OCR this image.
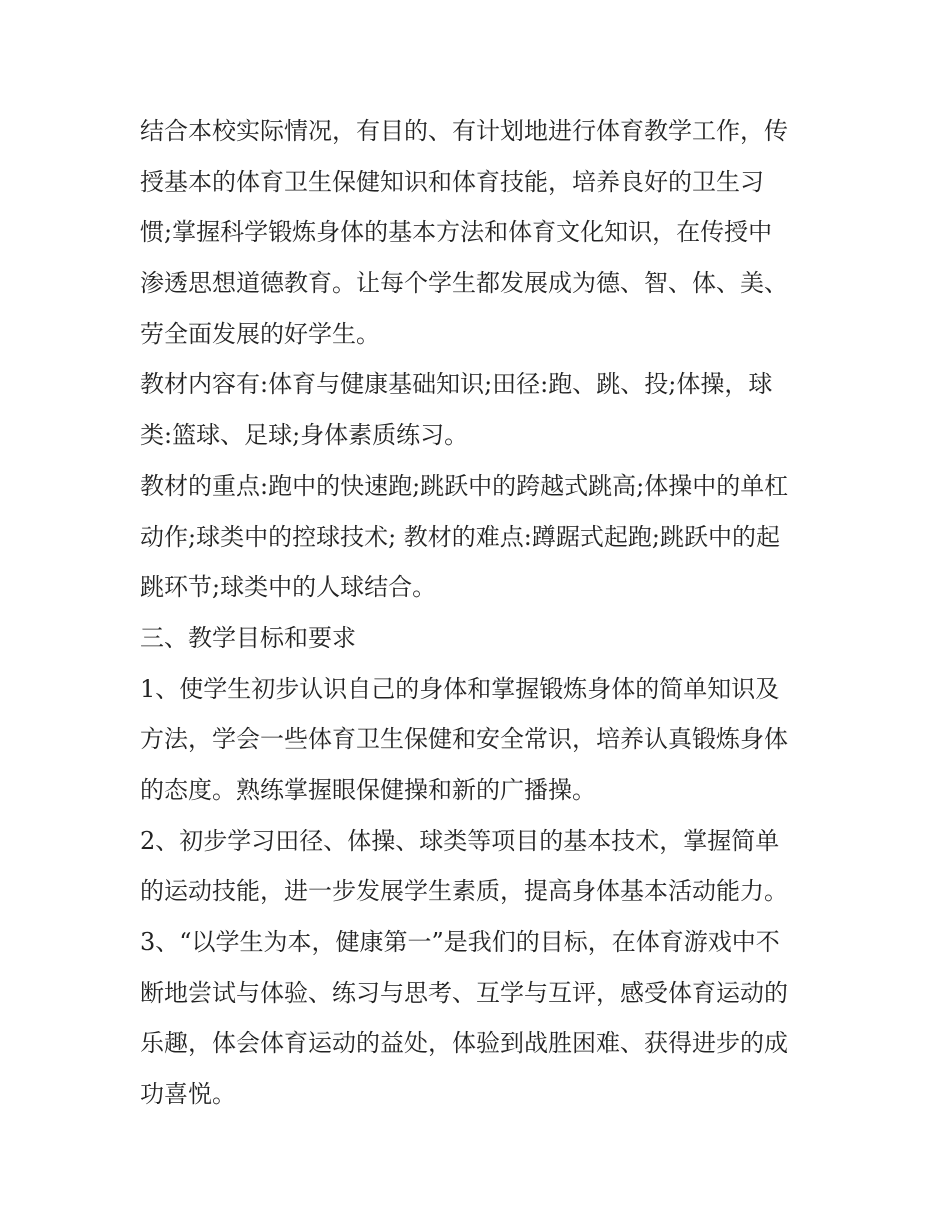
结合本校实际情况，有目的、有计划地进行体育教学工作，传
授基本的体育卫生保健知识和体育技能，培养良好的卫生习
惯;掌握科学锻炼身体的基本方法和体育文化知识，在传授中
渗透思想道德教育。让每个学生都发展成为德、智、体、美、
劳全面发展的好学生。
教材内容有:体育与健康基础知识;田径:跑、跳、投;体操，球
类:篮球、足球;身体素质练习。
教材的重点:跑中的快速跑;跳跃中的跨越式跳高;体操中的单杠
动作;球类中的控球技术; 教材的难点:蹲踞式起跑;跳跃中的起
跳环节;球类中的人球结合。
三、教学目标和要求
1、使学生初步认识自己的身体和掌握锻炼身体的简单知识及
方法，学会一些体育卫生保健和安全常识，培养认真锻炼身体
的态度。熟练掌握眼保健操和新的广播操。
2、初步学习田径、体操、球类等项目的基本技术，掌握简单
的运动技能，进一步发展学生素质，提高身体基本活动能力。
3、“以学生为本，健康第一”是我们的目标，在体育游戏中不
断地尝试与体验、练习与思考、互学与互评，感受体育运动的
乐趣，体会体育运动的益处，体验到战胜困难、获得进步的成
功喜悦。
